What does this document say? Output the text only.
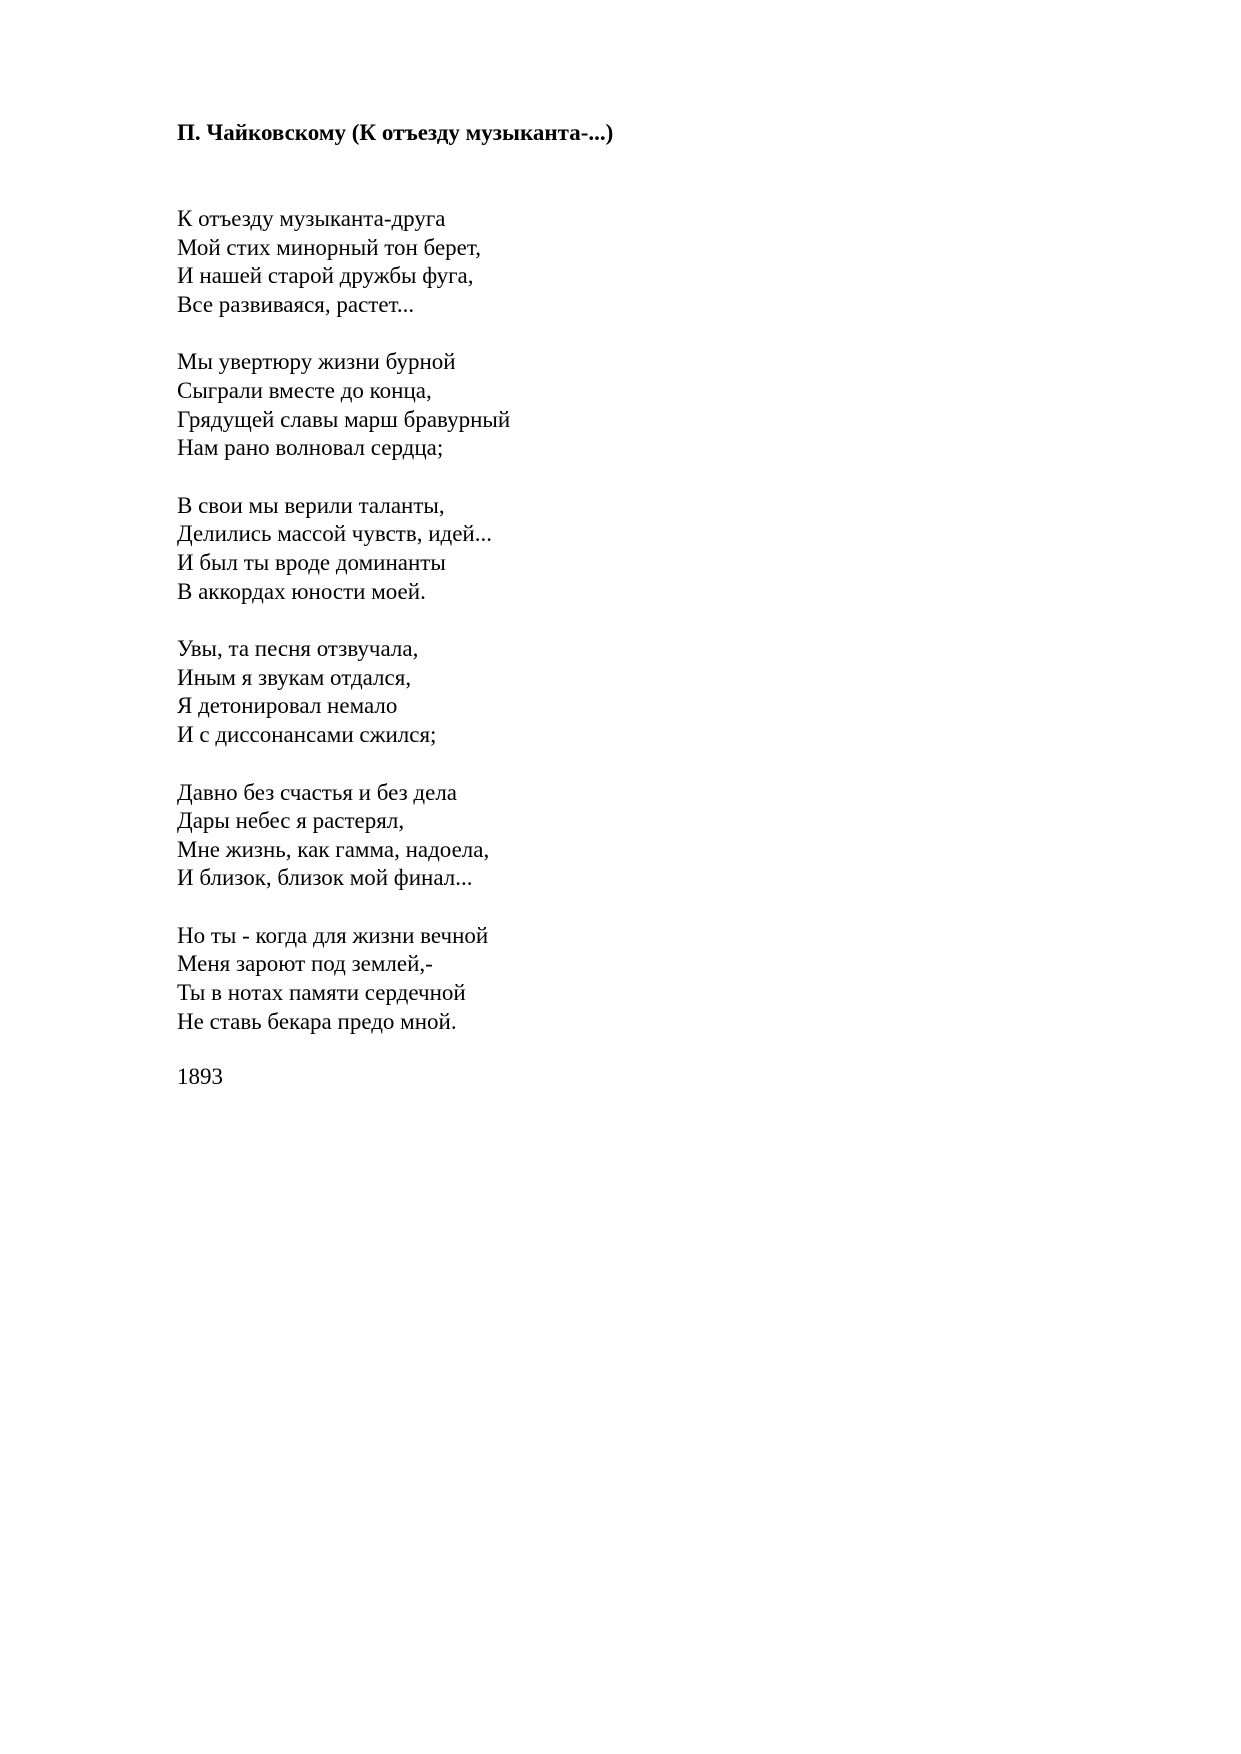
П. Чайковскому (К отъезду музыканта-...)
К отъезду музыканта-друга
Мой стих минорный тон берет,
И нашей старой дружбы фуга,
Все развиваяся, растет...
Мы увертюру жизни бурной
Сыграли вместе до конца,
Грядущей славы марш бравурный
Нам рано волновал сердца;
В свои мы верили таланты,
Делились массой чувств, идей...
И был ты вроде доминанты
В аккордах юности моей.
Увы, та песня отзвучала,
Иным я звукам отдался,
Я детонировал немало
И с диссонансами сжился;
Давно без счастья и без дела
Дары небес я растерял,
Мне жизнь, как гамма, надоела,
И близок, близок мой финал...
Но ты - когда для жизни вечной
Меня зароют под землей,-
Ты в нотах памяти сердечной
Не ставь бекара предо мной.
1893
